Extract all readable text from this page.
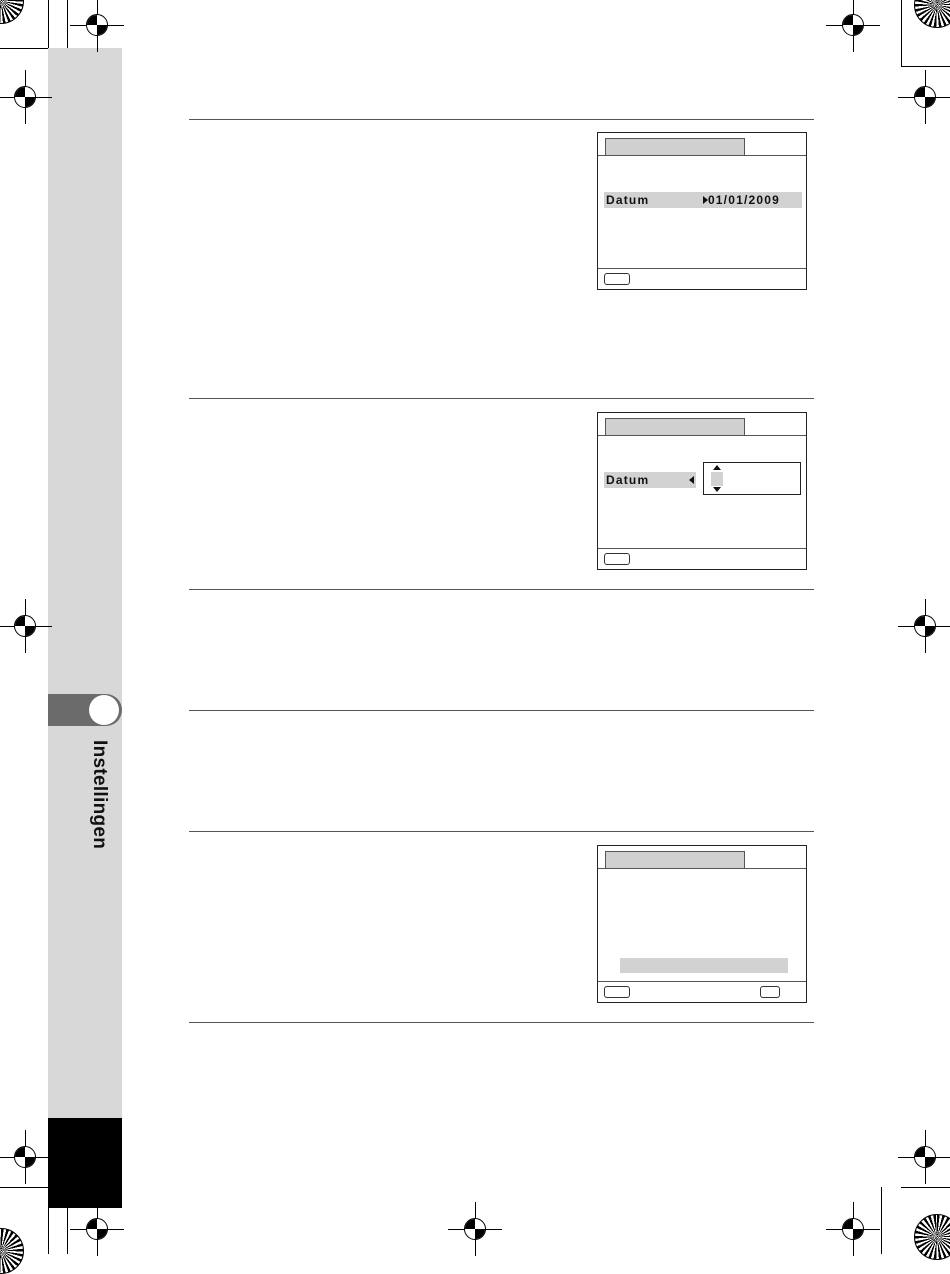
Instellingen
Datum	01/01/2009
Datum
